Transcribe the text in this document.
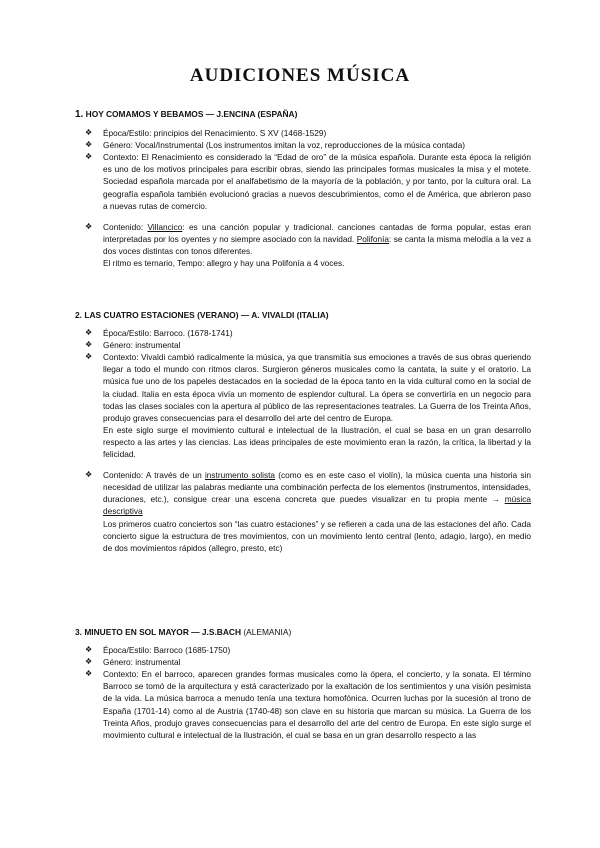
AUDICIONES MÚSICA
1. HOY COMAMOS Y BEBAMOS — J.ENCINA (ESPAÑA)
❖ Época/Estilo: principios del Renacimiento. S XV (1468-1529)
❖ Género: Vocal/Instrumental (Los instrumentos imitan la voz, reproducciones de la música contada)
❖ Contexto: El Renacimiento es considerado la “Edad de oro” de la música española. Durante esta época la religión es uno de los motivos principales para escribir obras, siendo las principales formas musicales la misa y el motete. Sociedad española marcada por el analfabetismo de la mayoría de la población, y por tanto, por la cultura oral. La geografía española también evolucionó gracias a nuevos descubrimientos, como el de América, que abrieron paso a nuevas rutas de comercio.
❖ Contenido: Villancico: es una canción popular y tradicional. canciones cantadas de forma popular, estas eran interpretadas por los oyentes y no siempre asociado con la navidad. Polifonía: se canta la misma melodía a la vez a dos voces distintas con tonos diferentes.
El ritmo es ternario, Tempo: allegro y hay una Polifonía a 4 voces.
2. LAS CUATRO ESTACIONES (VERANO) — A. VIVALDI (ITALIA)
❖ Época/Estilo: Barroco. (1678-1741)
❖ Género: instrumental
❖ Contexto: Vivaldi cambió radicalmente la música, ya que transmitía sus emociones a través de sus obras queriendo llegar a todo el mundo con ritmos claros. Surgieron géneros musicales como la cantata, la suite y el oratorio. La música fue uno de los papeles destacados en la sociedad de la época tanto en la vida cultural como en la social de la ciudad. Italia en esta época vivía un momento de esplendor cultural. La ópera se convertiría en un negocio para todas las clases sociales con la apertura al público de las representaciones teatrales. La Guerra de los Treinta Años, produjo graves consecuencias para el desarrollo del arte del centro de Europa.
En este siglo surge el movimiento cultural e intelectual de la Ilustración, el cual se basa en un gran desarrollo respecto a las artes y las ciencias. Las ideas principales de este movimiento eran la razón, la crítica, la libertad y la felicidad.
❖ Contenido: A través de un instrumento solista (como es en este caso el violín), la música cuenta una historia sin necesidad de utilizar las palabras mediante una combinación perfecta de los elementos (instrumentos, intensidades, duraciones, etc.), consigue crear una escena concreta que puedes visualizar en tu propia mente → música descriptiva
Los primeros cuatro conciertos son “las cuatro estaciones” y se refieren a cada una de las estaciones del año. Cada concierto sigue la estructura de tres movimientos, con un movimiento lento central (lento, adagio, largo), en medio de dos movimientos rápidos (allegro, presto, etc)
3. MINUETO EN SOL MAYOR — J.S.BACH (ALEMANIA)
❖ Época/Estilo: Barroco (1685-1750)
❖ Género: instrumental
❖ Contexto: En el barroco, aparecen grandes formas musicales como la ópera, el concierto, y la sonata. El término Barroco se tomó de la arquitectura y está caracterizado por la exaltación de los sentimientos y una visión pesimista de la vida. La música barroca a menudo tenía una textura homofónica. Ocurren luchas por la sucesión al trono de España (1701-14) como al de Austria (1740-48) son clave en su historia que marcan su música. La Guerra de los Treinta Años, produjo graves consecuencias para el desarrollo del arte del centro de Europa. En este siglo surge el movimiento cultural e intelectual de la Ilustración, el cual se basa en un gran desarrollo respecto a las
